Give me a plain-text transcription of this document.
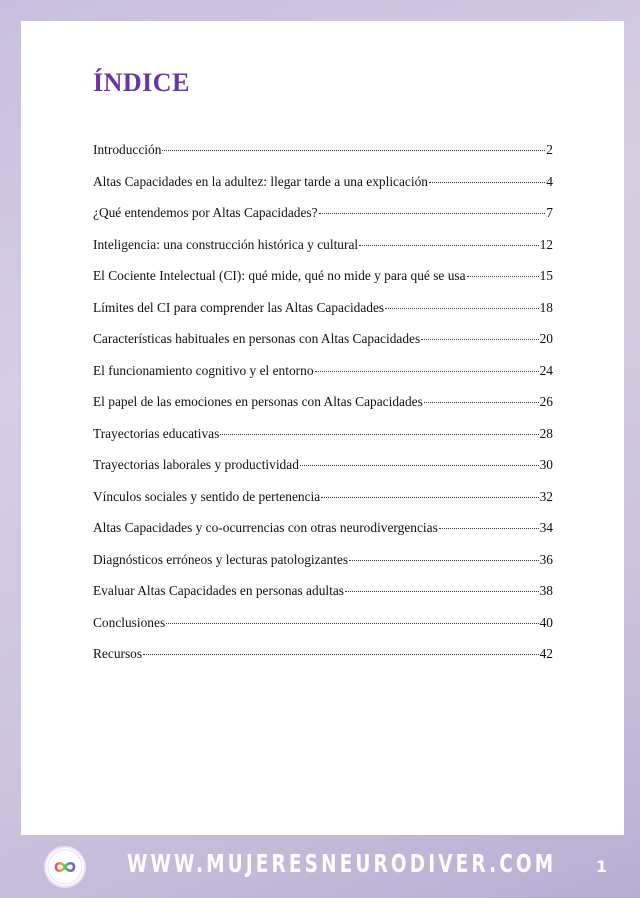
ÍNDICE
Introducción	2
Altas Capacidades en la adultez: llegar tarde a una explicación	4
¿Qué entendemos por Altas Capacidades?	7
Inteligencia: una construcción histórica y cultural	12
El Cociente Intelectual (CI): qué mide, qué no mide y para qué se usa	15
Límites del CI para comprender las Altas Capacidades	18
Características habituales en personas con Altas Capacidades	20
El funcionamiento cognitivo y el entorno	24
El papel de las emociones en personas con Altas Capacidades	26
Trayectorias educativas	28
Trayectorias laborales y productividad	30
Vínculos sociales y sentido de pertenencia	32
Altas Capacidades y co-ocurrencias con otras neurodivergencias	34
Diagnósticos erróneos y lecturas patologizantes	36
Evaluar Altas Capacidades en personas adultas	38
Conclusiones	40
Recursos	42
WWW.MUJERESNEURODIVER.COM 1
